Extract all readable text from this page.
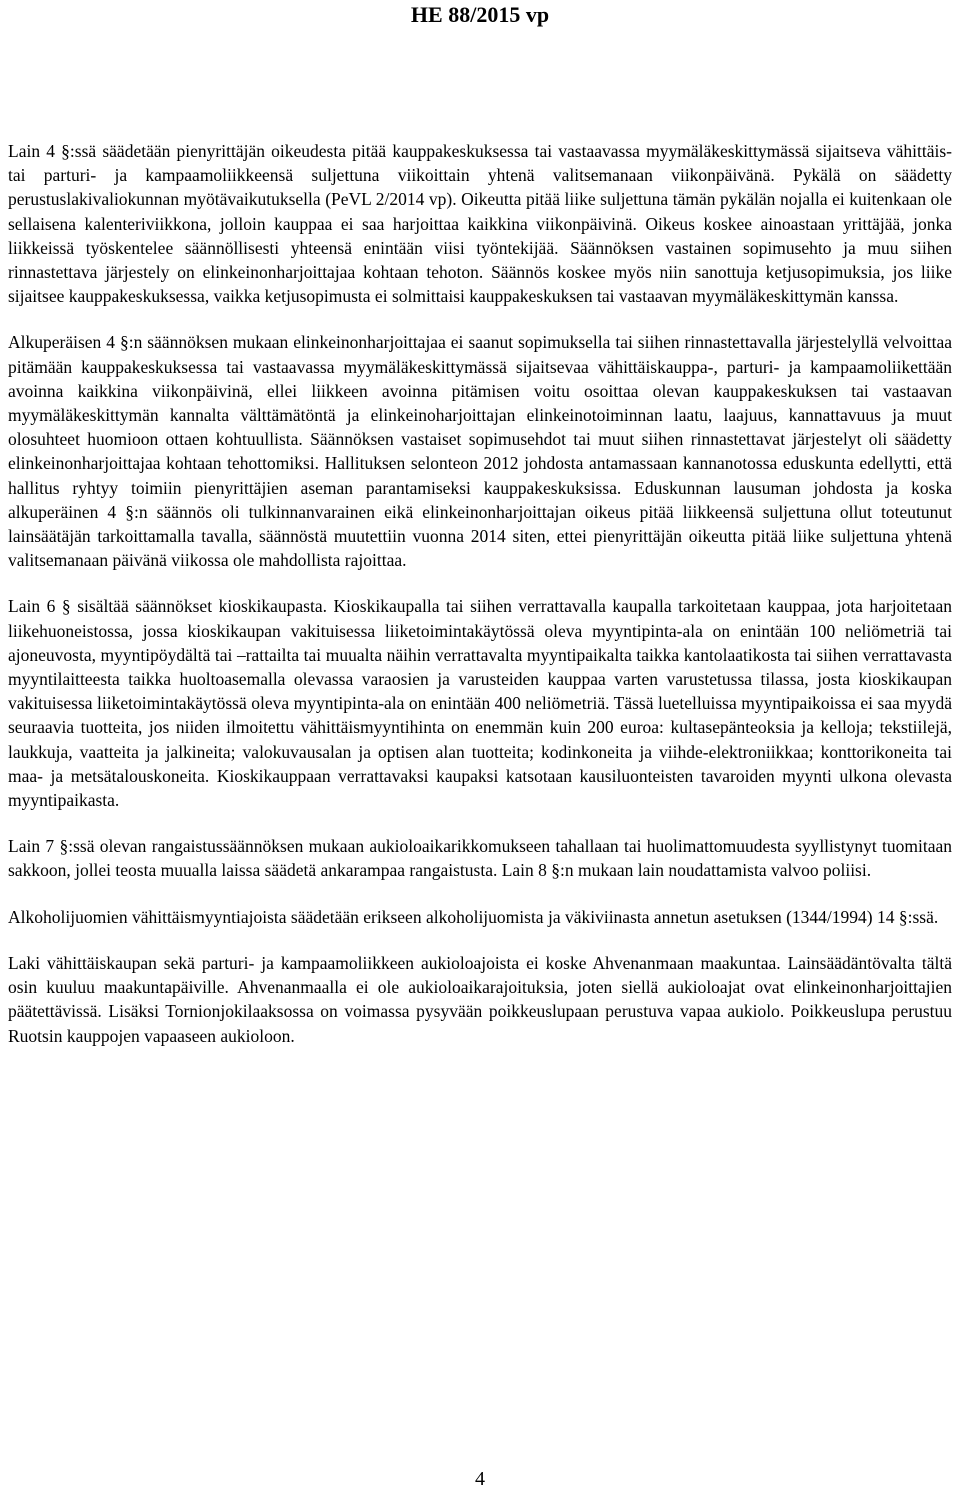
HE 88/2015 vp

Lain 4 §:ssä säädetään pienyrittäjän oikeudesta pitää kauppakeskuksessa tai vastaavassa myymäläkeskittymässä sijaitseva vähittäis- tai parturi- ja kampaamoliikkeensä suljettuna viikoittain yhtenä valitsemanaan viikonpäivänä. Pykälä on säädetty perustuslakivaliokunnan myötävaikutuksella (PeVL 2/2014 vp). Oikeutta pitää liike suljettuna tämän pykälän nojalla ei kuitenkaan ole sellaisena kalenteriviikkona, jolloin kauppaa ei saa harjoittaa kaikkina viikonpäivinä. Oikeus koskee ainoastaan yrittäjää, jonka liikkeissä työskentelee säännöllisesti yhteensä enintään viisi työntekijää. Säännöksen vastainen sopimusehto ja muu siihen rinnastettava järjestely on elinkeinonharjoittajaa kohtaan tehoton. Säännös koskee myös niin sanottuja ketjusopimuksia, jos liike sijaitsee kauppakeskuksessa, vaikka ketjusopimusta ei solmittaisi kauppakeskuksen tai vastaavan myymäläkeskittymän kanssa.

Alkuperäisen 4 §:n säännöksen mukaan elinkeinonharjoittajaa ei saanut sopimuksella tai siihen rinnastettavalla järjestelyllä velvoittaa pitämään kauppakeskuksessa tai vastaavassa myymäläkeskittymässä sijaitsevaa vähittäiskauppa-, parturi- ja kampaamoliikettään avoinna kaikkina viikonpäivinä, ellei liikkeen avoinna pitämisen voitu osoittaa olevan kauppakeskuksen tai vastaavan myymäläkeskittymän kannalta välttämätöntä ja elinkeinoharjoittajan elinkeinotoiminnan laatu, laajuus, kannattavuus ja muut olosuhteet huomioon ottaen kohtuullista. Säännöksen vastaiset sopimusehdot tai muut siihen rinnastettavat järjestelyt oli säädetty elinkeinonharjoittajaa kohtaan tehottomiksi. Hallituksen selonteon 2012 johdosta antamassaan kannanotossa eduskunta edellytti, että hallitus ryhtyy toimiin pienyrittäjien aseman parantamiseksi kauppakeskuksissa. Eduskunnan lausuman johdosta ja koska alkuperäinen 4 §:n säännös oli tulkinnanvarainen eikä elinkeinonharjoittajan oikeus pitää liikkeensä suljettuna ollut toteutunut lainsäätäjän tarkoittamalla tavalla, säännöstä muutettiin vuonna 2014 siten, ettei pienyrittäjän oikeutta pitää liike suljettuna yhtenä valitsemanaan päivänä viikossa ole mahdollista rajoittaa.

Lain 6 § sisältää säännökset kioskikaupasta. Kioskikaupalla tai siihen verrattavalla kaupalla tarkoitetaan kauppaa, jota harjoitetaan liikehuoneistossa, jossa kioskikaupan vakituisessa liiketoimintakäytössä oleva myyntipinta-ala on enintään 100 neliömetriä tai ajoneuvosta, myyntipöydältä tai –rattailta tai muualta näihin verrattavalta myyntipaikalta taikka kantolaatikosta tai siihen verrattavasta myyntilaitteesta taikka huoltoasemalla olevassa varaosien ja varusteiden kauppaa varten varustetussa tilassa, josta kioskikaupan vakituisessa liiketoimintakäytössä oleva myyntipinta-ala on enintään 400 neliömetriä. Tässä luetelluissa myyntipaikoissa ei saa myydä seuraavia tuotteita, jos niiden ilmoitettu vähittäismyyntihinta on enemmän kuin 200 euroa: kultasepänteoksia ja kelloja; tekstiilejä, laukkuja, vaatteita ja jalkineita; valokuvausalan ja optisen alan tuotteita; kodinkoneita ja viihde-elektroniikkaa; konttorikoneita tai maa- ja metsätalouskoneita. Kioskikauppaan verrattavaksi kaupaksi katsotaan kausiluonteisten tavaroiden myynti ulkona olevasta myyntipaikasta.

Lain 7 §:ssä olevan rangaistussäännöksen mukaan aukioloaikarikkomukseen tahallaan tai huolimattomuudesta syyllistynyt tuomitaan sakkoon, jollei teosta muualla laissa säädetä ankarampaa rangaistusta. Lain 8 §:n mukaan lain noudattamista valvoo poliisi.

Alkoholijuomien vähittäismyyntiajoista säädetään erikseen alkoholijuomista ja väkiviinasta annetun asetuksen (1344/1994) 14 §:ssä.

Laki vähittäiskaupan sekä parturi- ja kampaamoliikkeen aukioloajoista ei koske Ahvenanmaan maakuntaa. Lainsäädäntövalta tältä osin kuuluu maakuntapäiville. Ahvenanmaalla ei ole aukioloaikarajoituksia, joten siellä aukioloajat ovat elinkeinonharjoittajien päätettävissä. Lisäksi Tornionjokilaaksossa on voimassa pysyvään poikkeuslupaan perustuva vapaa aukiolo. Poikkeuslupa perustuu Ruotsin kauppojen vapaaseen aukioloon.

4
